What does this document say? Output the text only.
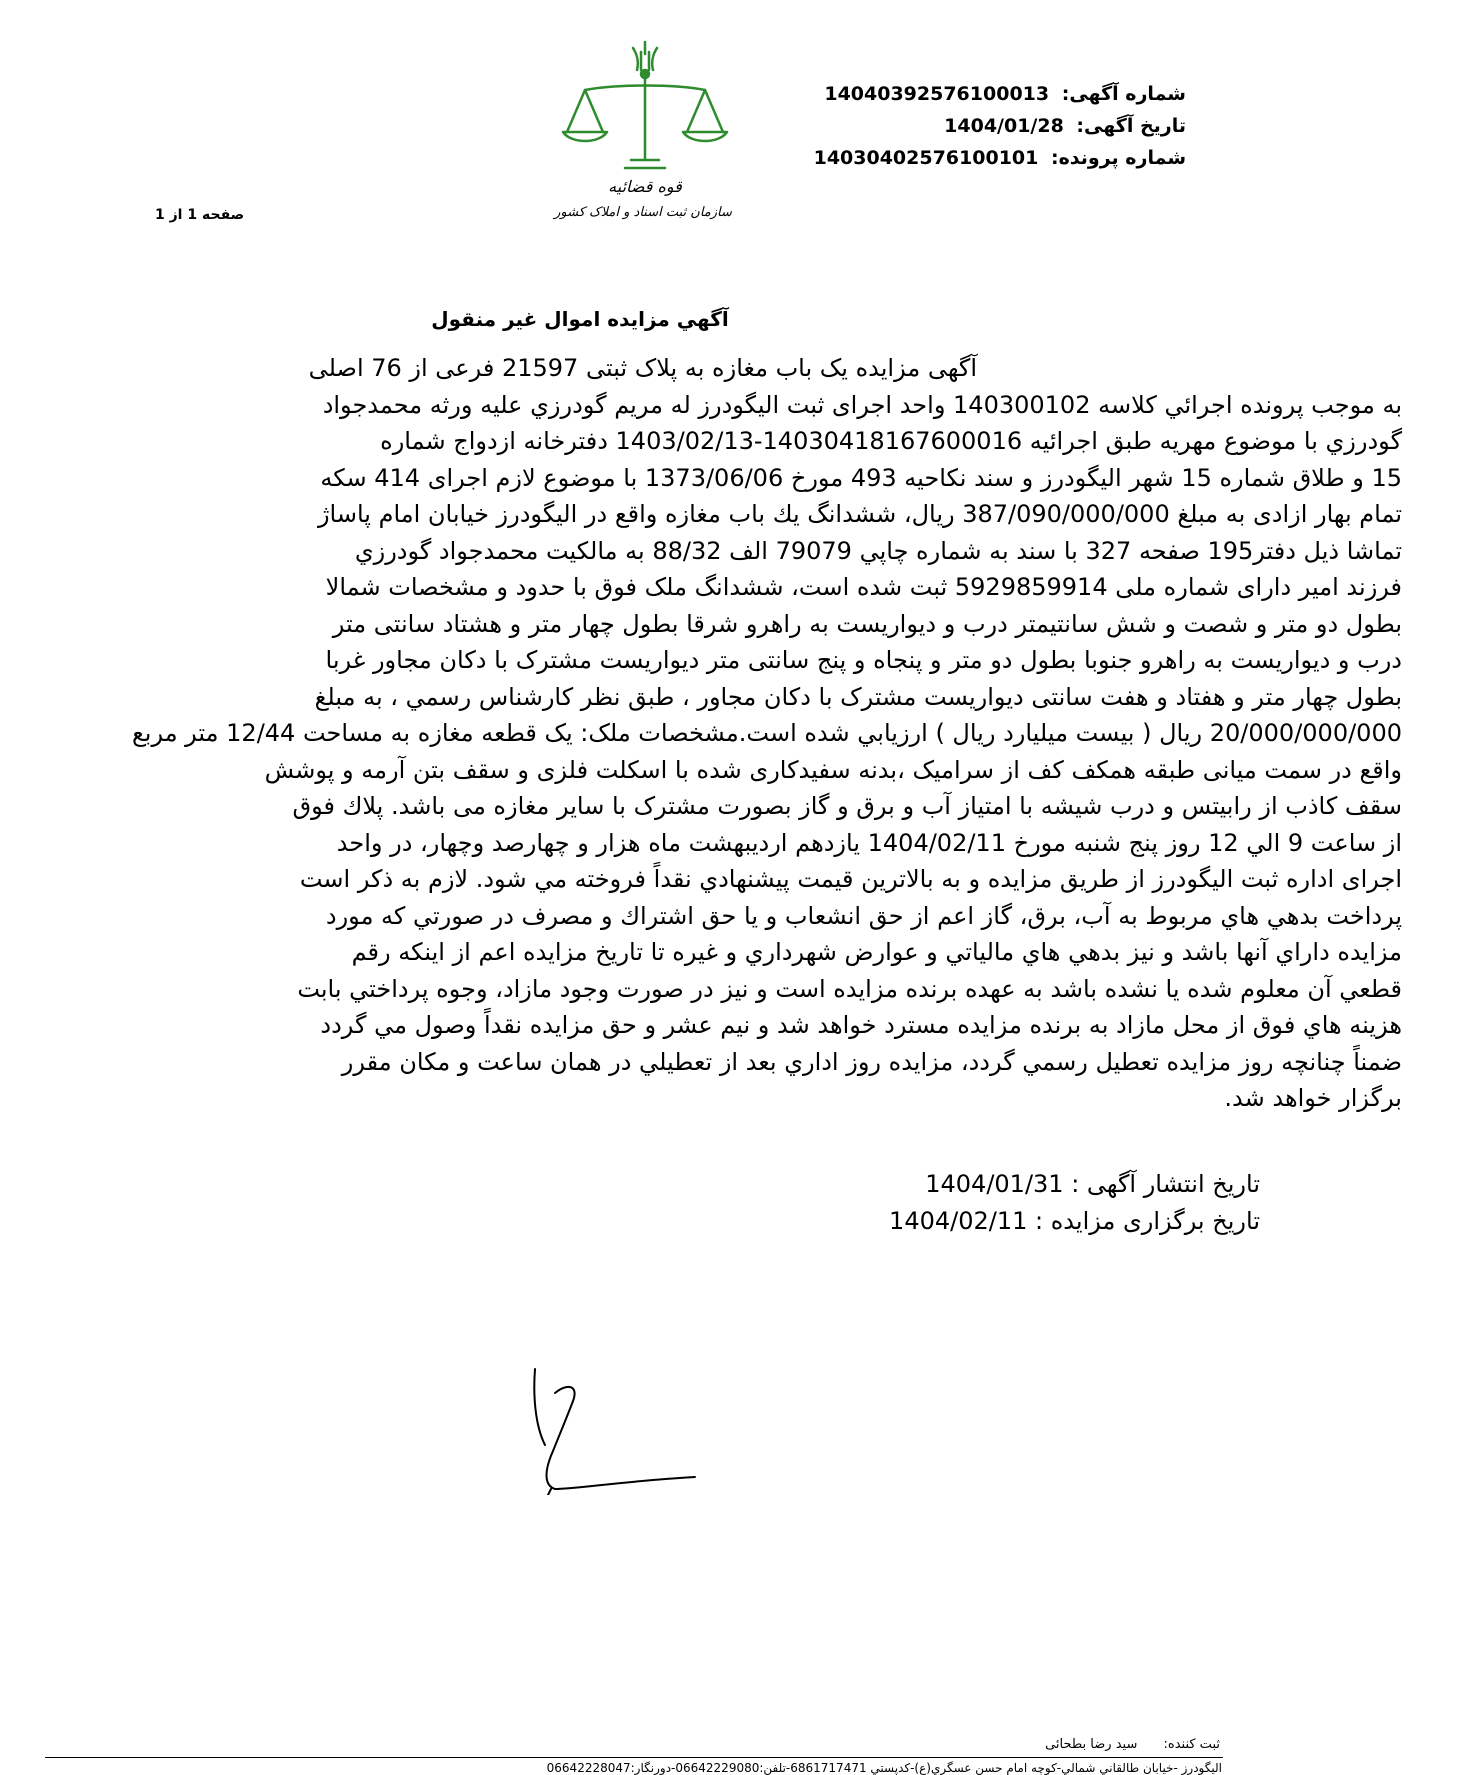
شماره آگهی: 14040392576100013
تاریخ آگهی: 1404/01/28
شماره پرونده: 14030402576100101
قوه قضائیه
سازمان ثبت اسناد و املاک کشور
صفحه 1 از 1
آگهي مزايده اموال غير منقول
آگهی مزایده یک باب مغازه به پلاک ثبتی 21597 فرعی از 76 اصلی
به موجب پرونده اجرائي كلاسه 140300102 واحد اجرای ثبت الیگودرز له مريم گودرزي عليه ورثه محمدجواد
گودرزي با موضوع مهريه طبق اجرائيه 14030418167600016-1403/02/13 دفترخانه ازدواج شماره
15 و طلاق شماره 15 شهر اليگودرز و سند نكاحيه 493 مورخ 1373/06/06 با موضوع لازم اجرای 414 سكه
تمام بهار ازادی به مبلغ 387/090/000/000 ریال، ششدانگ يك باب مغازه واقع در اليگودرز خيابان امام پاساژ
تماشا ذيل دفتر195 صفحه 327 با سند به شماره چاپي 79079 الف 88/32 به مالكيت محمدجواد گودرزي
فرزند امير دارای شماره ملی 5929859914 ثبت شده است، ششدانگ ملک فوق با حدود و مشخصات شمالا
بطول دو متر و شصت و شش سانتيمتر درب و ديواريست به راهرو شرقا بطول چهار متر و هشتاد سانتی متر
درب و ديواريست به راهرو جنوبا بطول دو متر و پنجاه و پنج سانتی متر ديواريست مشترک با دكان مجاور غربا
بطول چهار متر و هفتاد و هفت سانتی ديواريست مشترک با دكان مجاور ، طبق نظر کارشناس رسمي ، به مبلغ
20/000/000/000 ریال ( بیست میلیارد ریال ) ارزيابي شده است.مشخصات ملک: یک قطعه مغازه به مساحت 12/44 متر مربع
واقع در سمت میانی طبقه همکف کف از سرامیک ،بدنه سفیدکاری شده با اسکلت فلزی و سقف بتن آرمه و پوشش
سقف کاذب از رابيتس و درب شيشه با امتیاز آب و برق و گاز بصورت مشترک با سایر مغازه می باشد. پلاك فوق
از ساعت 9 الي 12 روز پنج شنبه مورخ 1404/02/11 یازدهم ارديبهشت ماه هزار و چهارصد وچهار، در واحد
اجرای اداره ثبت اليگودرز از طريق مزايده و به بالاترين قيمت پيشنهادي نقداً فروخته مي شود. لازم به ذكر است
پرداخت بدهي هاي مربوط به آب، برق، گاز اعم از حق انشعاب و يا حق اشتراك و مصرف در صورتي كه مورد
مزايده داراي آنها باشد و نيز بدهي هاي مالياتي و عوارض شهرداري و غيره تا تاريخ مزايده اعم از اينكه رقم
قطعي آن معلوم شده يا نشده باشد به عهده برنده مزايده است و نيز در صورت وجود مازاد، وجوه پرداختي بابت
هزينه هاي فوق از محل مازاد به برنده مزايده مسترد خواهد شد و نيم عشر و حق مزايده نقداً وصول مي گردد
ضمناً چنانچه روز مزايده تعطيل رسمي گردد، مزايده روز اداري بعد از تعطيلي در همان ساعت و مكان مقرر
برگزار خواهد شد.
تاریخ انتشار آگهی : 1404/01/31
تاریخ برگزاری مزایده : 1404/02/11
ثبت كننده: سید رضا بطحائی
اليگودرز -خيابان طالقاني شمالي-كوچه امام حسن عسگري(ع)-كدپستي 6861717471-تلفن:06642229080-دورنگار:06642228047
